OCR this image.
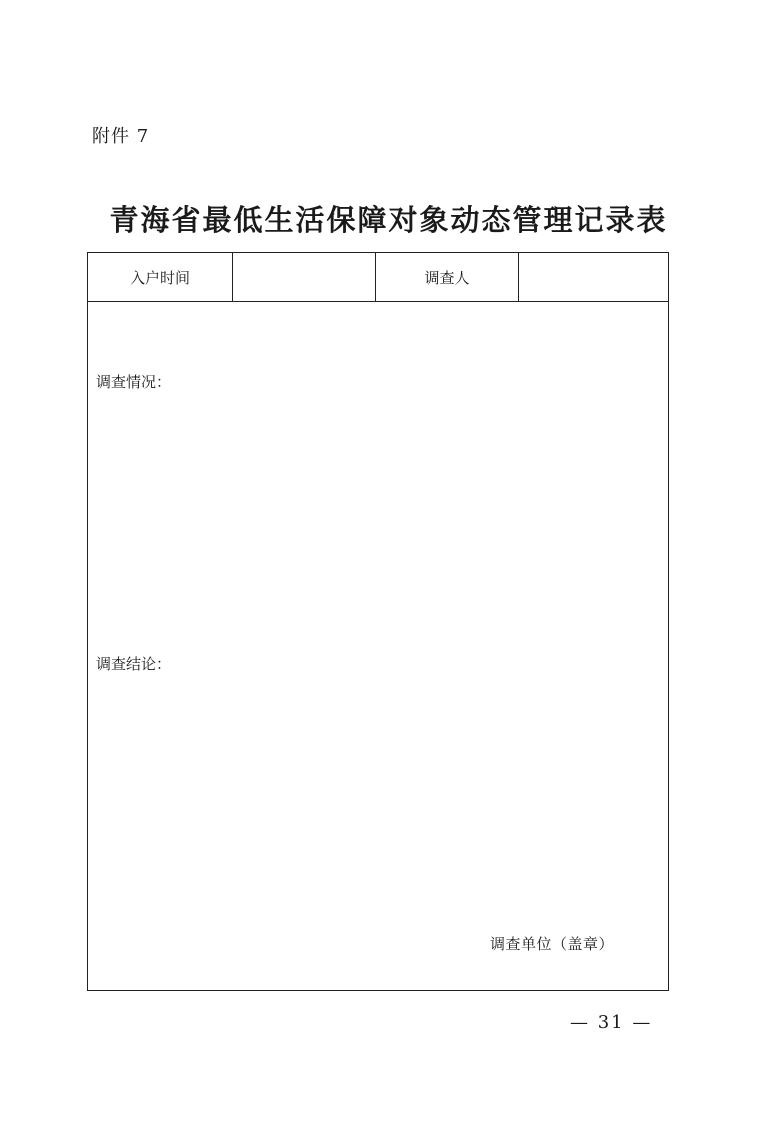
附件 7
青海省最低生活保障对象动态管理记录表
入户时间	调查人
调查情况：
调查结论：
调查单位（盖章）
— 31 —
